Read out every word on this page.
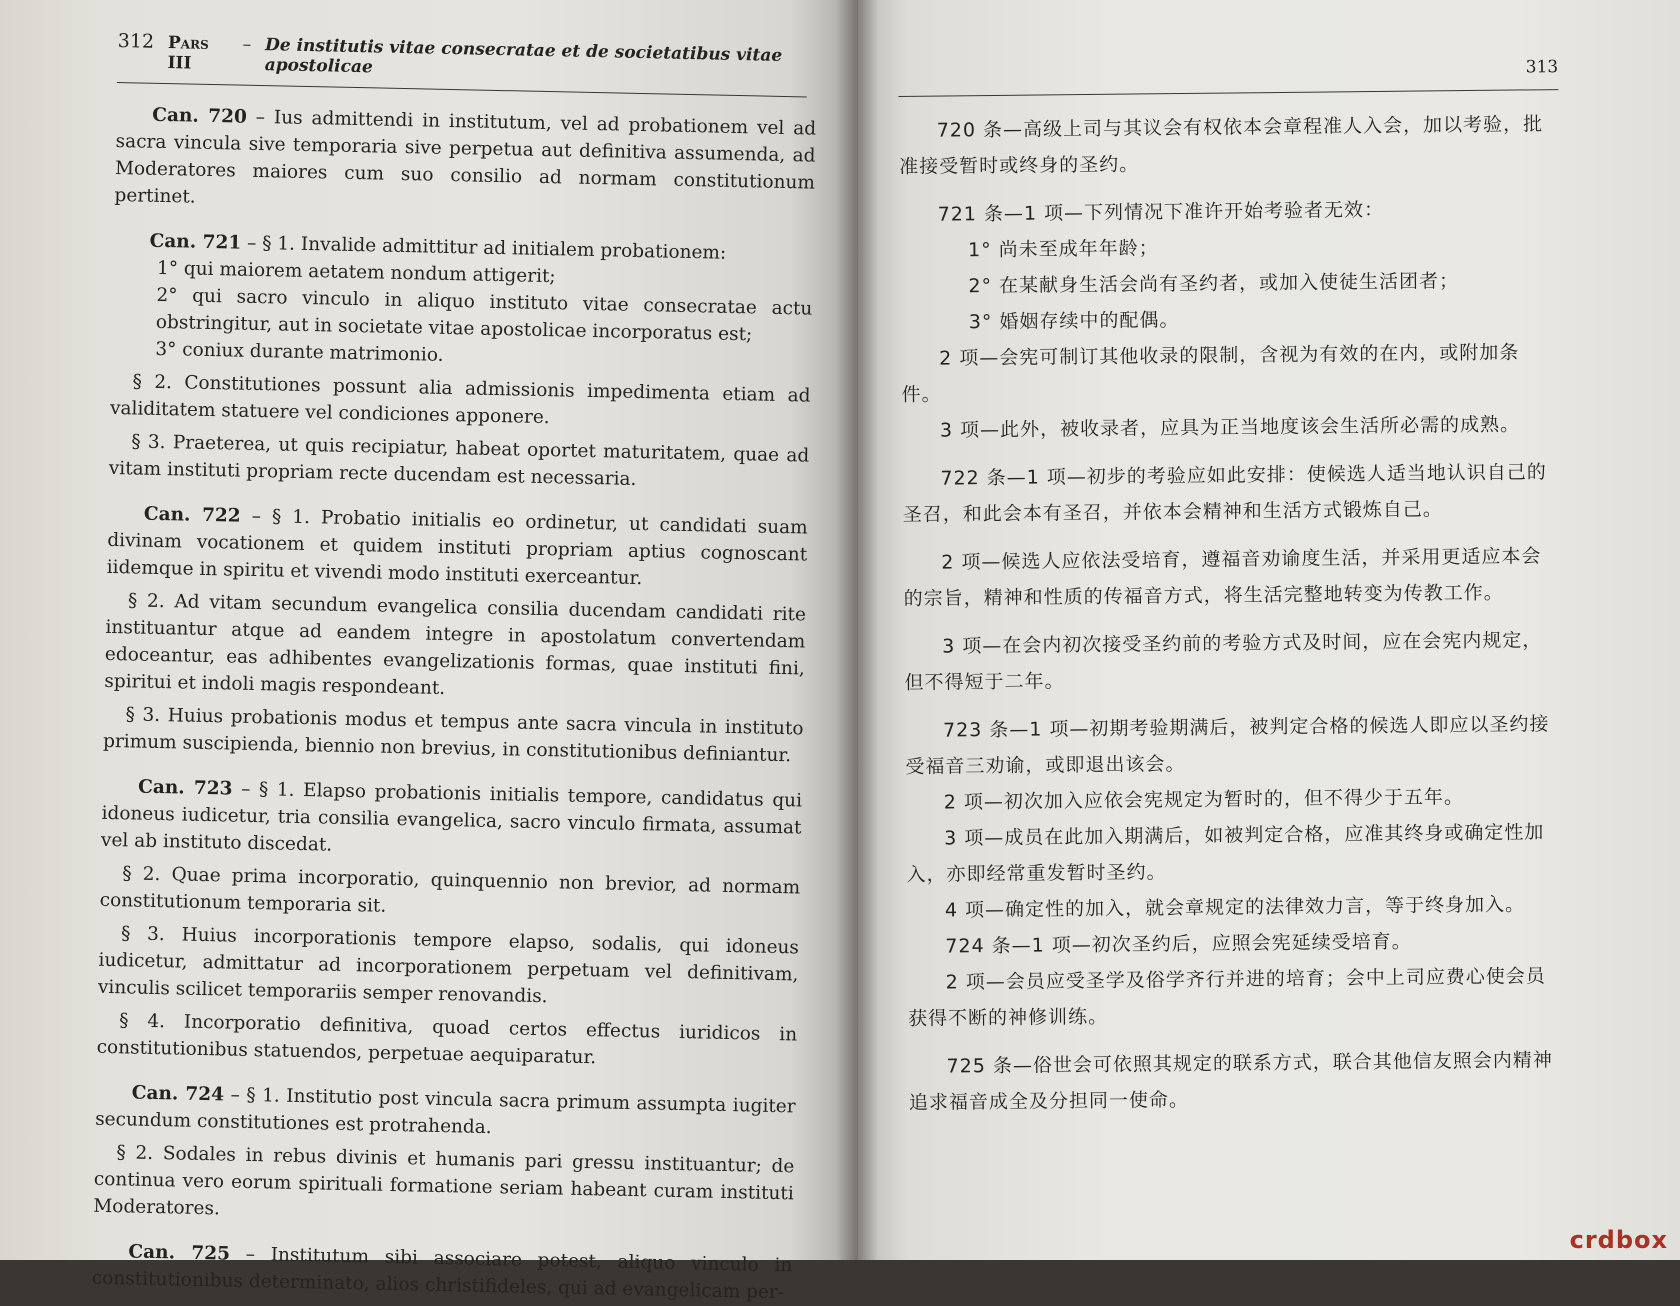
312 Pars III
– De institutis vitae consecratae et de societatibus vitae apostolicae

Can. 720 – Ius admittendi in institutum, vel ad probationem vel ad sacra vincula sive temporaria sive perpetua aut definitiva assumenda, ad Moderatores maiores cum suo consilio ad normam constitutionum pertinet.

Can. 721 – § 1. Invalide admittitur ad initialem probationem:

1° qui maiorem aetatem nondum attigerit;

2° qui sacro vinculo in aliquo instituto vitae consecratae actu obstringitur, aut in societate vitae apostolicae incorporatus est;

3° coniux durante matrimonio.

§ 2. Constitutiones possunt alia admissionis impedimenta etiam ad validitatem statuere vel condiciones apponere.

§ 3. Praeterea, ut quis recipiatur, habeat oportet maturitatem, quae ad vitam instituti propriam recte ducendam est necessaria.

Can. 722 – § 1. Probatio initialis eo ordinetur, ut candidati suam divinam vocationem et quidem instituti propriam aptius cognoscant iidemque in spiritu et vivendi modo instituti exerceantur.

§ 2. Ad vitam secundum evangelica consilia ducendam candidati rite instituantur atque ad eandem integre in apostolatum convertendam edoceantur, eas adhibentes evangelizationis formas, quae instituti fini, spiritui et indoli magis respondeant.

§ 3. Huius probationis modus et tempus ante sacra vincula in instituto primum suscipienda, biennio non brevius, in constitutionibus definiantur.

Can. 723 – § 1. Elapso probationis initialis tempore, candidatus qui idoneus iudicetur, tria consilia evangelica, sacro vinculo firmata, assumat vel ab instituto discedat.

§ 2. Quae prima incorporatio, quinquennio non brevior, ad normam constitutionum temporaria sit.

§ 3. Huius incorporationis tempore elapso, sodalis, qui idoneus iudicetur, admittatur ad incorporationem perpetuam vel definitivam, vinculis scilicet temporariis semper renovandis.

§ 4. Incorporatio definitiva, quoad certos effectus iuridicos in constitutionibus statuendos, perpetuae aequiparatur.

Can. 724 – § 1. Institutio post vincula sacra primum assumpta iugiter secundum constitutiones est protrahenda.

§ 2. Sodales in rebus divinis et humanis pari gressu instituantur; de continua vero eorum spirituali formatione seriam habeant curam instituti Moderatores.

Can. 725 – Institutum sibi associare potest, aliquo vinculo in constitutionibus determinato, alios christifideles, qui ad evangelicam per-

313

720 条—高级上司与其议会有权依本会章程准人入会，加以考验，批准接受暂时或终身的圣约。

721 条—1 项—下列情况下准许开始考验者无效：

1° 尚未至成年年龄；

2° 在某献身生活会尚有圣约者，或加入使徒生活团者；

3° 婚姻存续中的配偶。

2 项—会宪可制订其他收录的限制，含视为有效的在内，或附加条件。

3 项—此外，被收录者，应具为正当地度该会生活所必需的成熟。

722 条—1 项—初步的考验应如此安排：使候选人适当地认识自己的圣召，和此会本有圣召，并依本会精神和生活方式锻炼自己。

2 项—候选人应依法受培育，遵福音劝谕度生活，并采用更适应本会的宗旨，精神和性质的传福音方式，将生活完整地转变为传教工作。

3 项—在会内初次接受圣约前的考验方式及时间，应在会宪内规定，但不得短于二年。

723 条—1 项—初期考验期满后，被判定合格的候选人即应以圣约接受福音三劝谕，或即退出该会。

2 项—初次加入应依会宪规定为暂时的，但不得少于五年。

3 项—成员在此加入期满后，如被判定合格，应准其终身或确定性加入，亦即经常重发暂时圣约。

4 项—确定性的加入，就会章规定的法律效力言，等于终身加入。

724 条—1 项—初次圣约后，应照会宪延续受培育。

2 项—会员应受圣学及俗学齐行并进的培育；会中上司应费心使会员获得不断的神修训练。

725 条—俗世会可依照其规定的联系方式，联合其他信友照会内精神追求福音成全及分担同一使命。

crdbox
